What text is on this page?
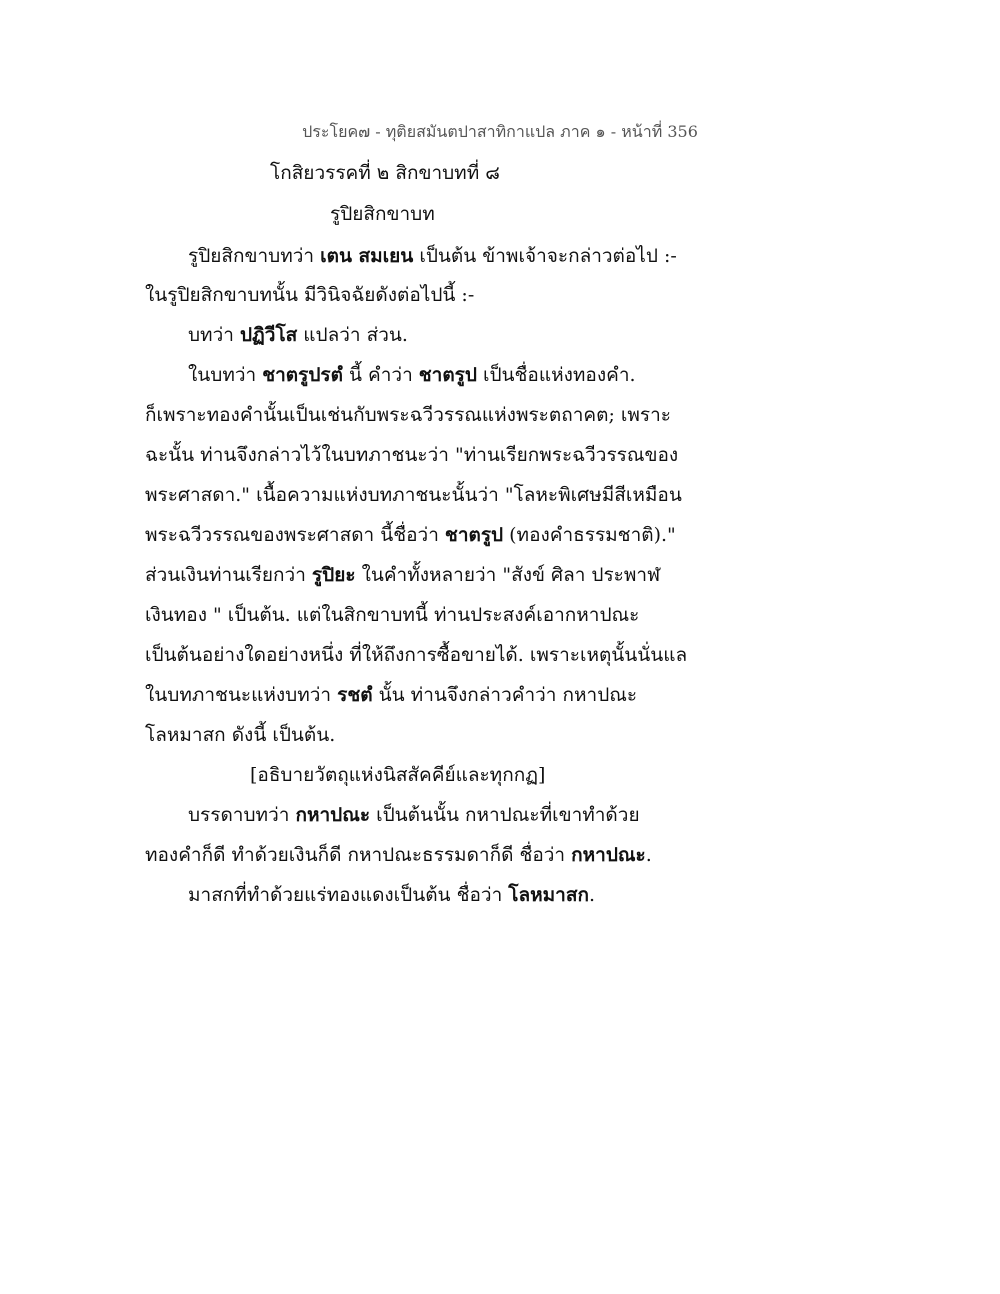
ประโยค๗ - ทุติยสมันตปาสาทิกาแปล ภาค ๑ - หน้าที่ 356
โกสิยวรรคที่ ๒ สิกขาบทที่ ๘
รูปิยสิกขาบท
รูปิยสิกขาบทว่า เตน สมเยน เป็นต้น ข้าพเจ้าจะกล่าวต่อไป :-
ในรูปิยสิกขาบทนั้น มีวินิจฉัยดังต่อไปนี้ :-
บทว่า ปฏิวีโส แปลว่า ส่วน.
ในบทว่า ชาตรูปรตํ นี้ คำว่า ชาตรูป เป็นชื่อแห่งทองคำ.
ก็เพราะทองคำนั้นเป็นเช่นกับพระฉวีวรรณแห่งพระตถาคต; เพราะ
ฉะนั้น ท่านจึงกล่าวไว้ในบทภาชนะว่า "ท่านเรียกพระฉวีวรรณของ
พระศาสดา." เนื้อความแห่งบทภาชนะนั้นว่า "โลหะพิเศษมีสีเหมือน
พระฉวีวรรณของพระศาสดา นี้ชื่อว่า ชาตรูป (ทองคำธรรมชาติ)."
ส่วนเงินท่านเรียกว่า รูปิยะ ในคำทั้งหลายว่า "สังข์ ศิลา ประพาฬ
เงินทอง " เป็นต้น. แต่ในสิกขาบทนี้ ท่านประสงค์เอากหาปณะ
เป็นต้นอย่างใดอย่างหนึ่ง ที่ให้ถึงการซื้อขายได้. เพราะเหตุนั้นนั่นแล
ในบทภาชนะแห่งบทว่า รชตํ นั้น ท่านจึงกล่าวคำว่า กหาปณะ
โลหมาสก ดังนี้ เป็นต้น.
[อธิบายวัตถุแห่งนิสสัคคีย์และทุกกฏ]
บรรดาบทว่า กหาปณะ เป็นต้นนั้น กหาปณะที่เขาทำด้วย
ทองคำก็ดี ทำด้วยเงินก็ดี กหาปณะธรรมดาก็ดี ชื่อว่า กหาปณะ.
มาสกที่ทำด้วยแร่ทองแดงเป็นต้น ชื่อว่า โลหมาสก.
